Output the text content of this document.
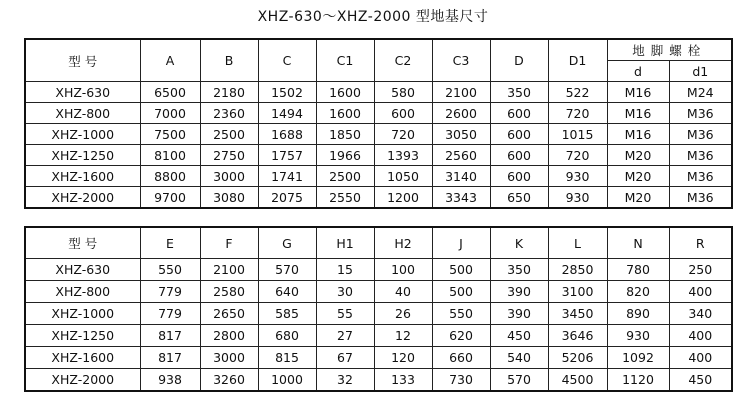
XHZ-630～XHZ-2000 型地基尺寸
型 号	A	B	C	C1	C2	C3	D	D1	地脚螺栓	
									d	d1
XHZ-630	6500	2180	1502	1600	580	2100	350	522	M16	M24
XHZ-800	7000	2360	1494	1600	600	2600	600	720	M16	M36
XHZ-1000	7500	2500	1688	1850	720	3050	600	1015	M16	M36
XHZ-1250	8100	2750	1757	1966	1393	2560	600	720	M20	M36
XHZ-1600	8800	3000	1741	2500	1050	3140	600	930	M20	M36
XHZ-2000	9700	3080	2075	2550	1200	3343	650	930	M20	M36
型 号	E	F	G	H1	H2	J	K	L	N	R
XHZ-630	550	2100	570	15	100	500	350	2850	780	250
XHZ-800	779	2580	640	30	40	500	390	3100	820	400
XHZ-1000	779	2650	585	55	26	550	390	3450	890	340
XHZ-1250	817	2800	680	27	12	620	450	3646	930	400
XHZ-1600	817	3000	815	67	120	660	540	5206	1092	400
XHZ-2000	938	3260	1000	32	133	730	570	4500	1120	450
